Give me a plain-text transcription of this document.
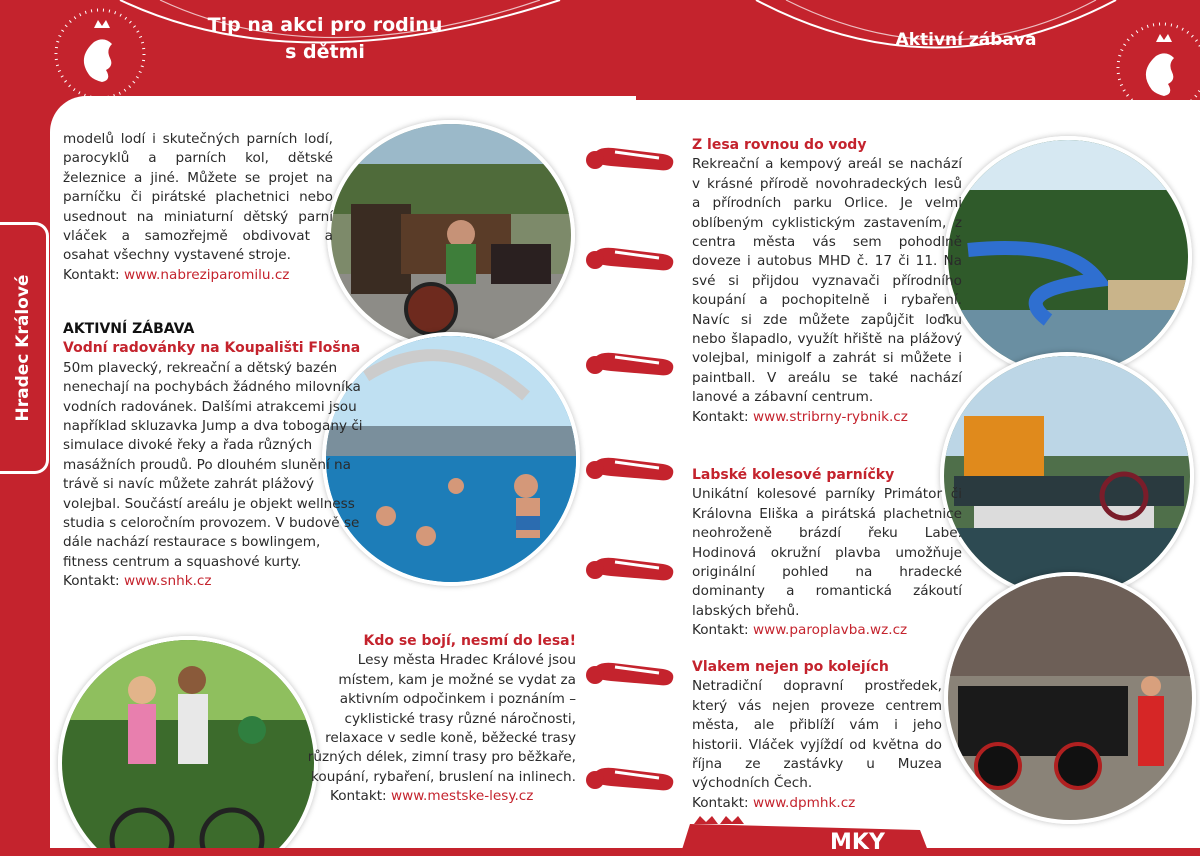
Tip na akci pro rodinu s dětmi
Hradec Králové

modelů lodí i skutečných parních lodí, parocyklů a parních kol, dětské železnice a jiné. Můžete se projet na parníčku či pirátské plachetnici nebo usednout na miniaturní dětský parní vláček a samozřejmě obdivovat a osahat všechny vystavené stroje.

Kontakt: www.nabreziparomilu.cz

AKTIVNÍ ZÁBAVA

Vodní radovánky na Koupališti Flošna

50m plavecký, rekreační a dětský bazén nenechají na pochybách žádného milovníka vodních radovánek. Dalšími atrakcemi jsou například skluzavka Jump a dva toboganу či simulace divoké řeky a řada různých masážních proudů. Po dlouhém slunění na trávě si navíc můžete zahrát plážový volejbal. Součástí areálu je objekt wellness studia s celoročním provozem. V budově se dále nachází restaurace s bowlingem, fitness centrum a squashové kurty.

Kontakt: www.snhk.cz

Kdo se bojí, nesmí do lesa!

Lesy města Hradec Králové jsou místem, kam je možné se vydat za aktivním odpočinkem i poznáním – cyklistické trasy různé náročnosti, relaxace v sedle koně, běžecké trasy různých délek, zimní trasy pro běžkaře, koupání, rybaření, bruslení na inlinech.

Kontakt: www.mestske-lesy.cz

Aktivní zábava

Z lesa rovnou do vody

Rekreační a kempový areál se nachází v krásné přírodě novohradeckých lesů a přírodních parku Orlice. Je velmi oblíbeným cyklistickým zastavením, z centra města vás sem pohodlně doveze i autobus MHD č. 17 či 11. Na své si přijdou vyznavači přírodního koupání a pochopitelně i rybaření. Navíc si zde můžete zapůjčit loďku nebo šlapadlo, využít hřiště na plážový volejbal, minigolf a zahrát si můžete i paintball. V areálu se také nachází lanové a zábavní centrum.

Kontakt: www.stribrny-rybnik.cz

Labské kolesové parníčky

Unikátní kolesové parníky Primátor či Královna Eliška a pirátská plachetnice neohroženě brázdí řeku Labe. Hodinová okružní plavba umožňuje originální pohled na hradecké dominanty a romantická zákoutí labských břehů.

Kontakt: www.paroplavba.wz.cz

Vlakem nejen po kolejích

Netradiční dopravní prostředek, který vás nejen proveze centrem města, ale přiblíží vám i jeho historii. Vláček vyjíždí od května do října ze zastávky u Muzea východních Čech.

Kontakt: www.dpmhk.cz

MKY
